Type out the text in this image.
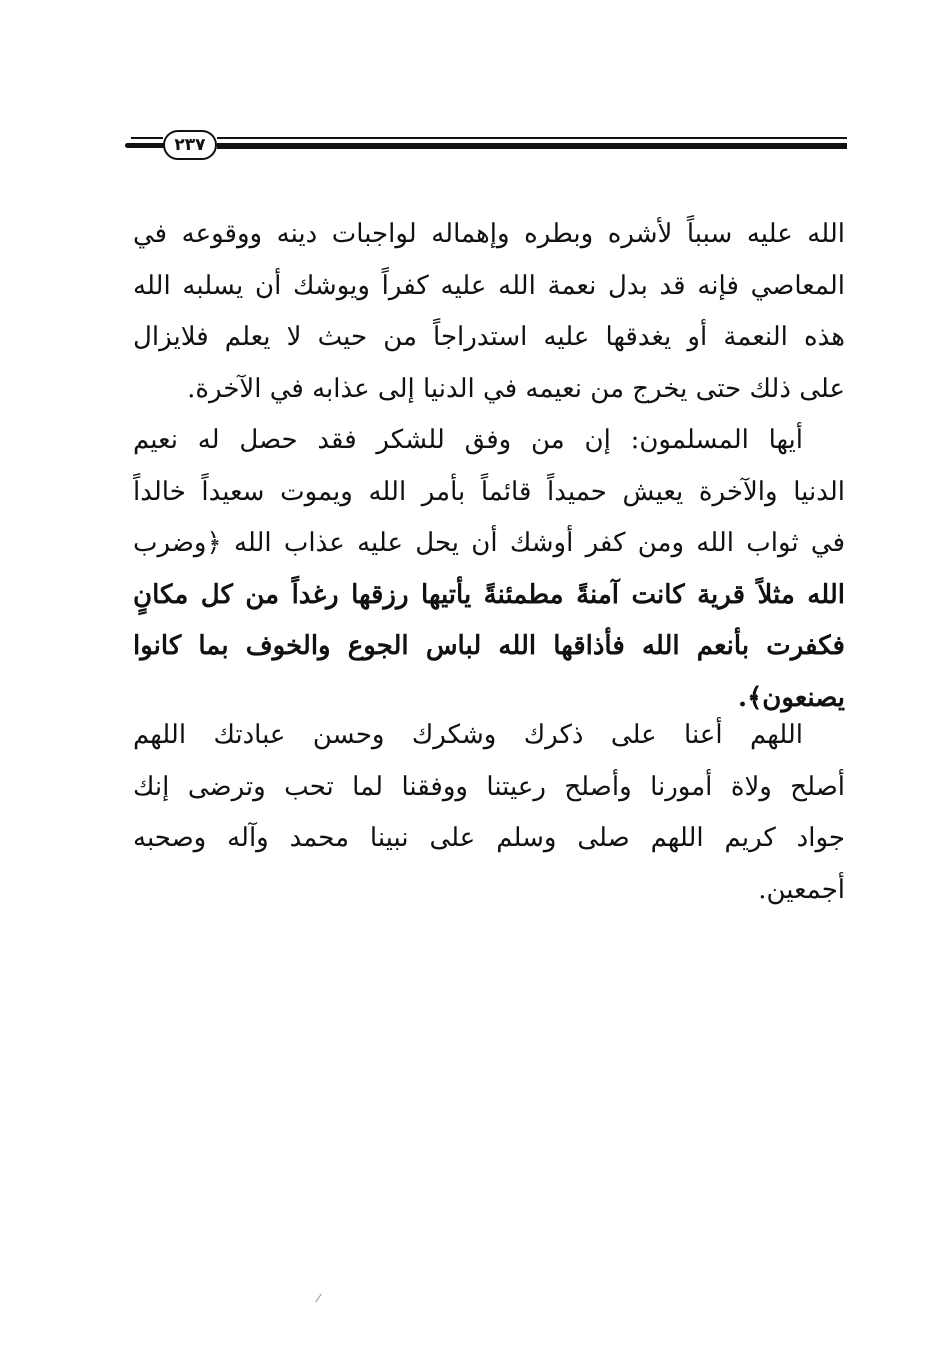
٢٣٧
الله عليه سبباً لأشره وبطره وإهماله لواجبات دينه ووقوعه في
المعاصي فإنه قد بدل نعمة الله عليه كفراً ويوشك أن يسلبه الله
هذه النعمة أو يغدقها عليه استدراجاً من حيث لا يعلم فلايزال
على ذلك حتى يخرج من نعيمه في الدنيا إلى عذابه في الآخرة.
أيها المسلمون: إن من وفق للشكر فقد حصل له نعيم
الدنيا والآخرة يعيش حميداً قائماً بأمر الله ويموت سعيداً خالداً
في ثواب الله ومن كفر أوشك أن يحل عليه عذاب الله ﴿وضرب
الله مثلاً قرية كانت آمنةً مطمئنةً يأتيها رزقها رغداً من كل مكانٍ
فكفرت بأنعم الله فأذاقها الله لباس الجوع والخوف بما كانوا
يصنعون﴾.
اللهم أعنا على ذكرك وشكرك وحسن عبادتك اللهم
أصلح ولاة أمورنا وأصلح رعيتنا ووفقنا لما تحب وترضى إنك
جواد كريم اللهم صلى وسلم على نبينا محمد وآله وصحبه
أجمعين.
